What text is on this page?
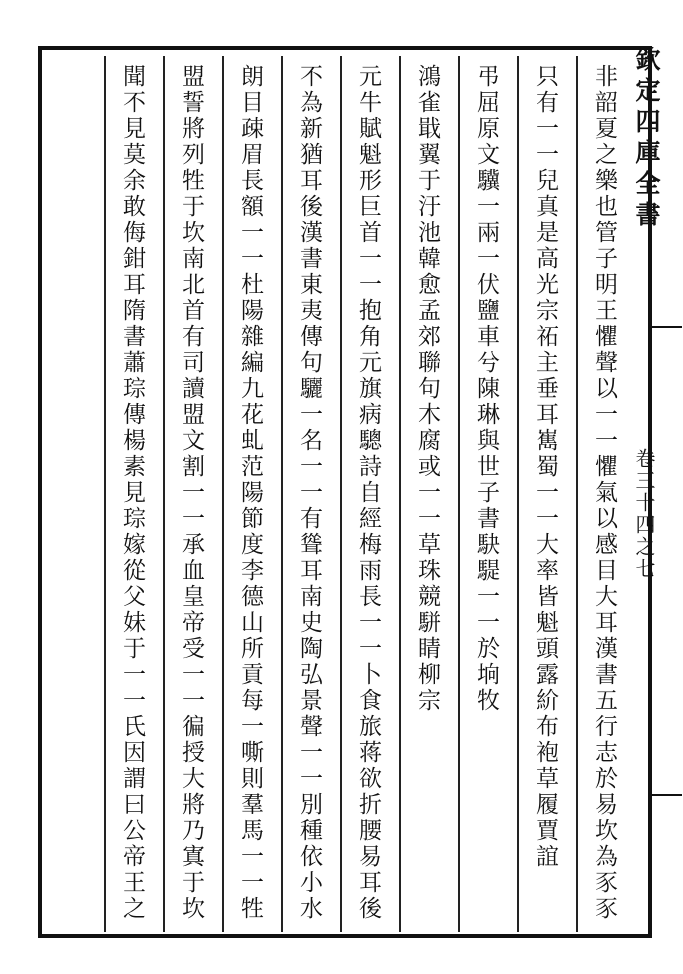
非韶夏之樂也管子明王懼聲以一一懼氣以感目大耳漢書五行志於易坎為豕豕
只有一一兒真是高光宗祏主垂耳嶲蜀一一大率皆魁頭露紒布袍草履賈誼
弔屈原文驥一兩一伏鹽車兮陳琳與世子書駃騠一一於垧牧
鴻雀戢翼于汙池韓愈孟郊聯句木腐或一一草珠競駢睛柳宗
元牛賦魁形巨首一一抱角元旗病驄詩自經梅雨長一一卜食旅蒋欲折腰易耳後
不為新猶耳後漢書東夷傳句驪一名一一有聳耳南史陶弘景聲一一別種依小水
朗目疎眉長額一一杜陽雜編九花虬范陽節度李德山所貢每一嘶則羣馬一一牲
盟誓將列牲于坎南北首有司讀盟文割一一承血皇帝受一一徧授大將乃寘于坎
聞不見莫余敢侮鉗耳隋書蕭琮傳楊素見琮嫁從父妹于一一氏因謂曰公帝王之
欽定四庫全書
卷三十四之七
